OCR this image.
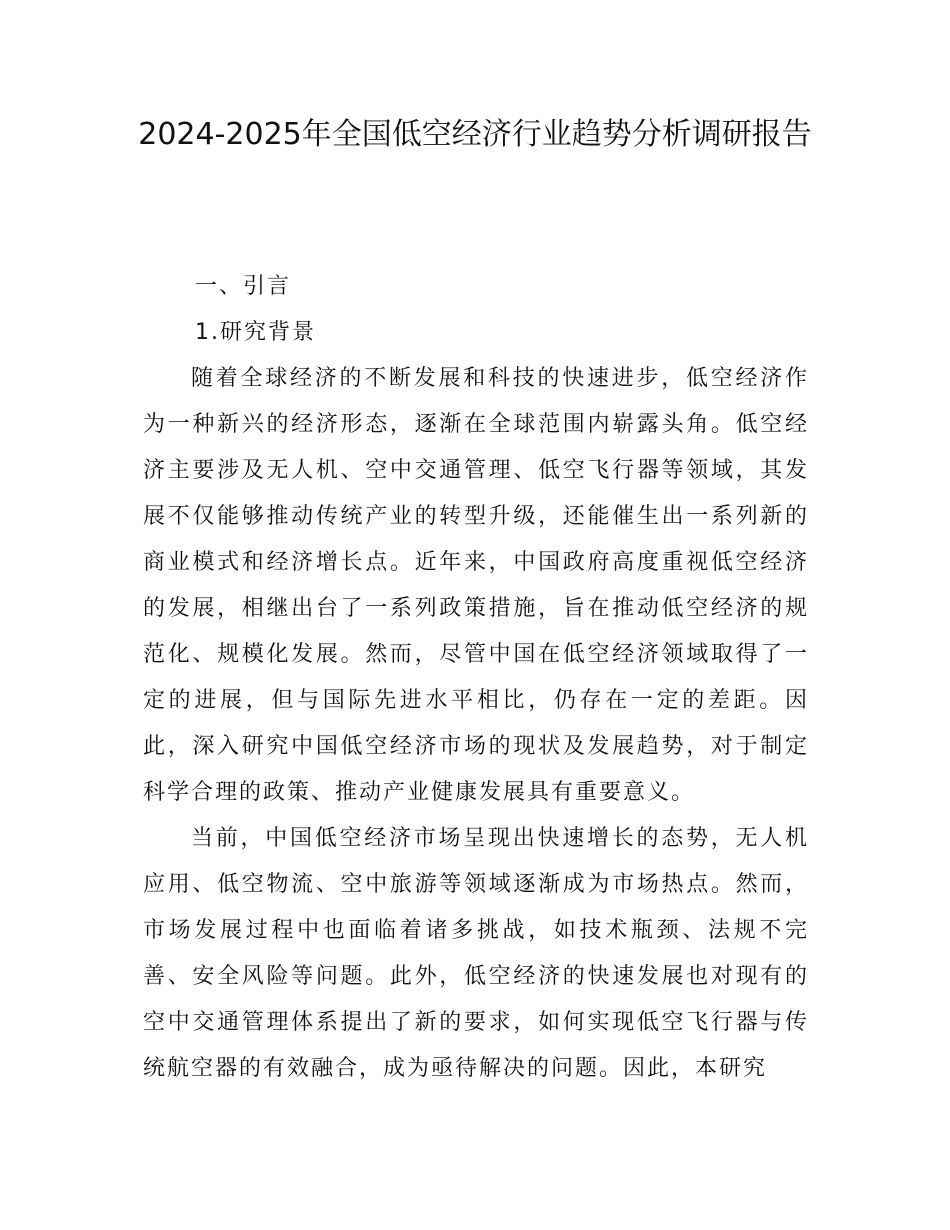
2024-2025年全国低空经济行业趋势分析调研报告
一、引言
1.研究背景

随着全球经济的不断发展和科技的快速进步，低空经济作为一种新兴的经济形态，逐渐在全球范围内崭露头角。低空经济主要涉及无人机、空中交通管理、低空飞行器等领域，其发展不仅能够推动传统产业的转型升级，还能催生出一系列新的商业模式和经济增长点。近年来，中国政府高度重视低空经济的发展，相继出台了一系列政策措施，旨在推动低空经济的规范化、规模化发展。然而，尽管中国在低空经济领域取得了一定的进展，但与国际先进水平相比，仍存在一定的差距。因此，深入研究中国低空经济市场的现状及发展趋势，对于制定科学合理的政策、推动产业健康发展具有重要意义。

当前，中国低空经济市场呈现出快速增长的态势，无人机应用、低空物流、空中旅游等领域逐渐成为市场热点。然而，市场发展过程中也面临着诸多挑战，如技术瓶颈、法规不完善、安全风险等问题。此外，低空经济的快速发展也对现有的空中交通管理体系提出了新的要求，如何实现低空飞行器与传统航空器的有效融合，成为亟待解决的问题。因此，本研究
